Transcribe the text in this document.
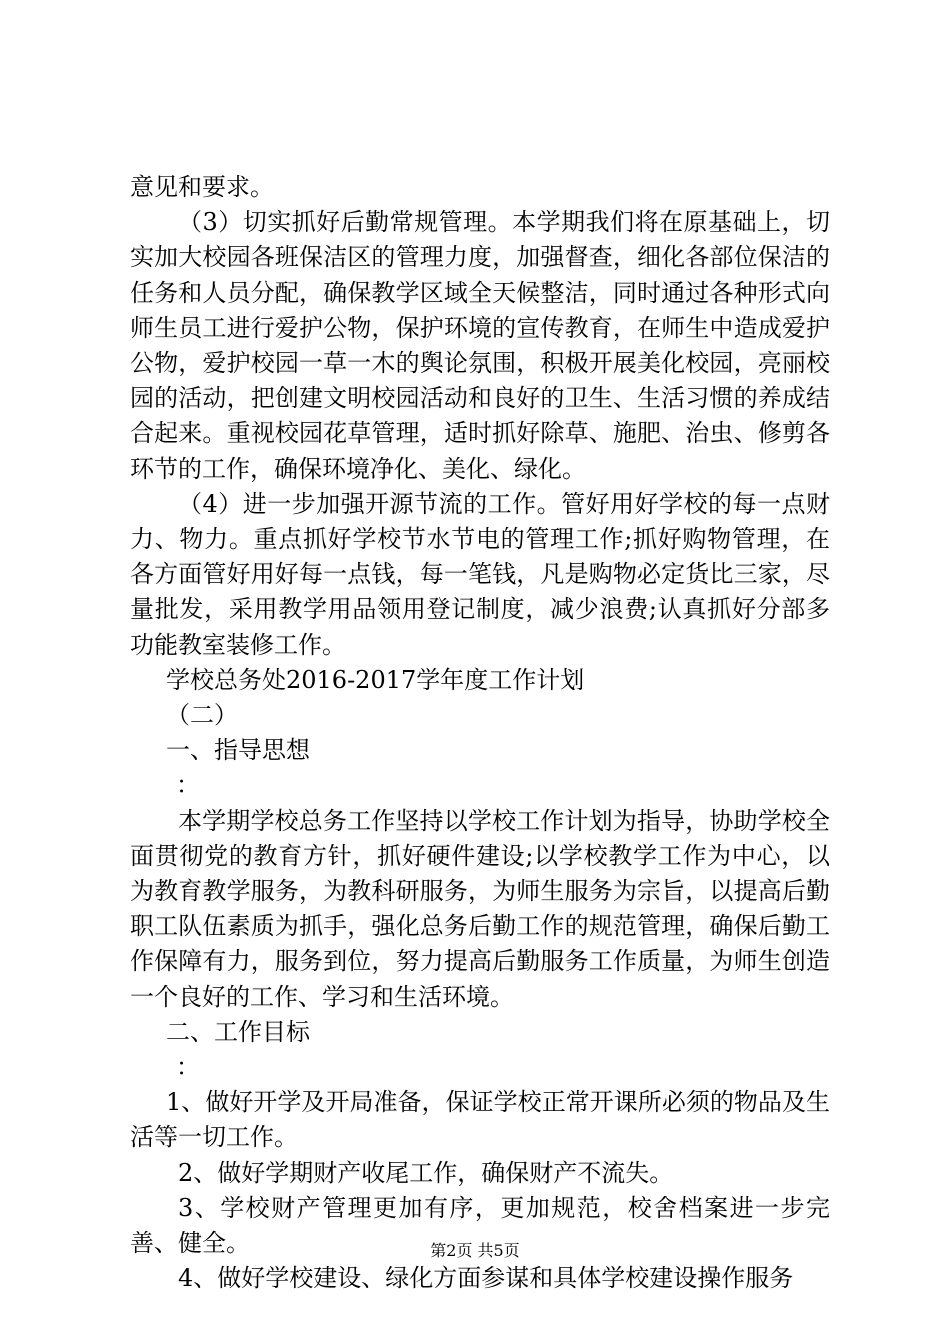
意见和要求。

（3）切实抓好后勤常规管理。本学期我们将在原基础上，切实加大校园各班保洁区的管理力度，加强督查，细化各部位保洁的任务和人员分配，确保教学区域全天候整洁，同时通过各种形式向师生员工进行爱护公物，保护环境的宣传教育，在师生中造成爱护公物，爱护校园一草一木的舆论氛围，积极开展美化校园，亮丽校园的活动，把创建文明校园活动和良好的卫生、生活习惯的养成结合起来。重视校园花草管理，适时抓好除草、施肥、治虫、修剪各环节的工作，确保环境净化、美化、绿化。

（4）进一步加强开源节流的工作。管好用好学校的每一点财力、物力。重点抓好学校节水节电的管理工作;抓好购物管理，在各方面管好用好每一点钱，每一笔钱，凡是购物必定货比三家，尽量批发，采用教学用品领用登记制度，减少浪费;认真抓好分部多功能教室装修工作。

学校总务处2016-2017学年度工作计划

（二）

一、指导思想

：

本学期学校总务工作坚持以学校工作计划为指导，协助学校全面贯彻党的教育方针，抓好硬件建设;以学校教学工作为中心，以为教育教学服务，为教科研服务，为师生服务为宗旨，以提高后勤职工队伍素质为抓手，强化总务后勤工作的规范管理，确保后勤工作保障有力，服务到位，努力提高后勤服务工作质量，为师生创造一个良好的工作、学习和生活环境。

二、工作目标

：

1、做好开学及开局准备，保证学校正常开课所必须的物品及生活等一切工作。

2、做好学期财产收尾工作，确保财产不流失。

3、学校财产管理更加有序，更加规范，校舍档案进一步完善、健全。

4、做好学校建设、绿化方面参谋和具体学校建设操作服务

第2页 共5页
